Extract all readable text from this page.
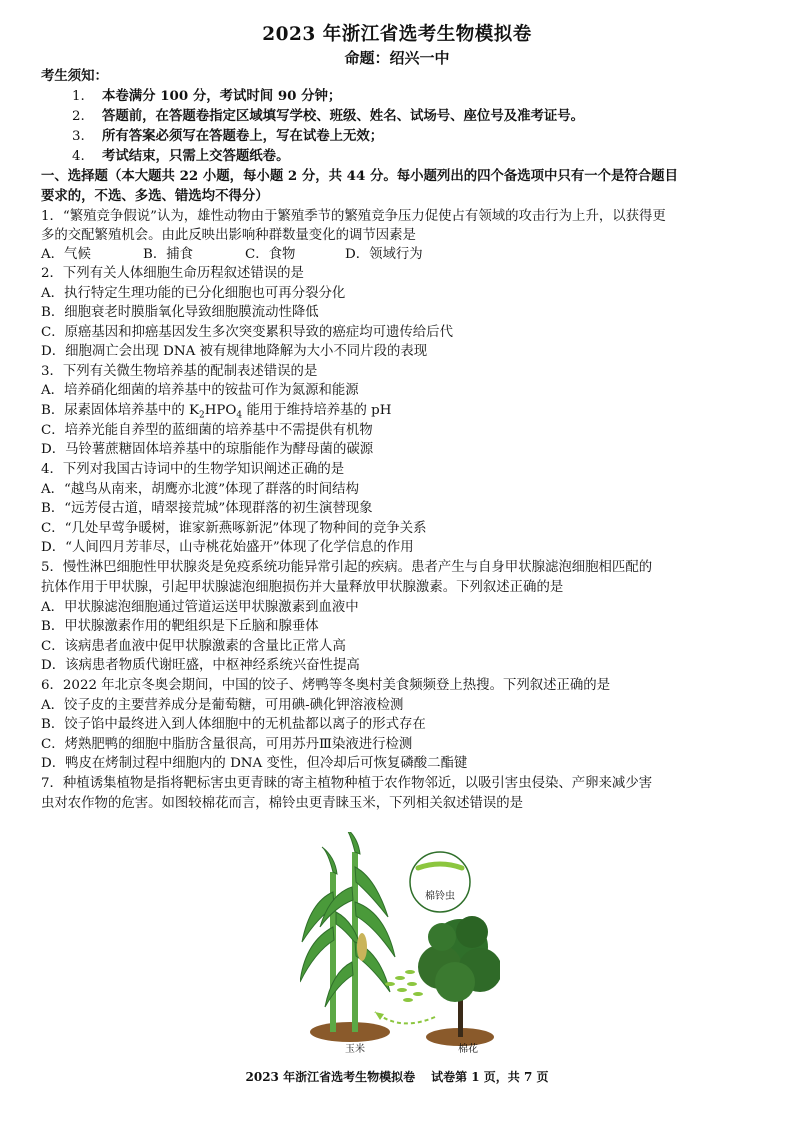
2023 年浙江省选考生物模拟卷
命题：绍兴一中
考生须知：
1. 本卷满分 100 分，考试时间 90 分钟；
2. 答题前，在答题卷指定区域填写学校、班级、姓名、试场号、座位号及准考证号。
3. 所有答案必须写在答题卷上，写在试卷上无效；
4. 考试结束，只需上交答题纸卷。
一、选择题（本大题共 22 小题，每小题 2 分，共 44 分。每小题列出的四个备选项中只有一个是符合题目
要求的，不选、多选、错选均不得分）
1．“繁殖竞争假说”认为，雄性动物由于繁殖季节的繁殖竞争压力促使占有领域的攻击行为上升，以获得更
多的交配繁殖机会。由此反映出影响种群数量变化的调节因素是
A．气候	B．捕食	C．食物	D．领域行为
2．下列有关人体细胞生命历程叙述错误的是
A．执行特定生理功能的已分化细胞也可再分裂分化
B．细胞衰老时膜脂氧化导致细胞膜流动性降低
C．原癌基因和抑癌基因发生多次突变累积导致的癌症均可遗传给后代
D．细胞凋亡会出现 DNA 被有规律地降解为大小不同片段的表现
3．下列有关微生物培养基的配制表述错误的是
A．培养硝化细菌的培养基中的铵盐可作为氮源和能源
B．尿素固体培养基中的 $K_2HPO_4$ 能用于维持培养基的 pH
C．培养光能自养型的蓝细菌的培养基中不需提供有机物
D．马铃薯蔗糖固体培养基中的琼脂能作为酵母菌的碳源
4．下列对我国古诗词中的生物学知识阐述正确的是
A．“越鸟从南来，胡鹰亦北渡”体现了群落的时间结构
B．“远芳侵古道，晴翠接荒城”体现群落的初生演替现象
C．“几处早莺争暖树，谁家新燕啄新泥”体现了物种间的竞争关系
D．“人间四月芳菲尽，山寺桃花始盛开”体现了化学信息的作用
5．慢性淋巴细胞性甲状腺炎是免疫系统功能异常引起的疾病。患者产生与自身甲状腺滤泡细胞相匹配的
抗体作用于甲状腺，引起甲状腺滤泡细胞损伤并大量释放甲状腺激素。下列叙述正确的是
A．甲状腺滤泡细胞通过管道运送甲状腺激素到血液中
B．甲状腺激素作用的靶组织是下丘脑和腺垂体
C．该病患者血液中促甲状腺激素的含量比正常人高
D．该病患者物质代谢旺盛，中枢神经系统兴奋性提高
6．2022 年北京冬奥会期间，中国的饺子、烤鸭等冬奥村美食频频登上热搜。下列叙述正确的是
A．饺子皮的主要营养成分是葡萄糖，可用碘-碘化钾溶液检测
B．饺子馅中最终进入到人体细胞中的无机盐都以离子的形式存在
C．烤熟肥鸭的细胞中脂肪含量很高，可用苏丹Ⅲ染液进行检测
D．鸭皮在烤制过程中细胞内的 DNA 变性，但冷却后可恢复磷酸二酯键
7．种植诱集植物是指将靶标害虫更青睐的寄主植物种植于农作物邻近，以吸引害虫侵染、产卵来减少害
虫对农作物的危害。如图较棉花而言，棉铃虫更青睐玉米，下列相关叙述错误的是
棉铃虫
玉米	棉花
2023 年浙江省选考生物模拟卷 试卷第 1 页，共 7 页
